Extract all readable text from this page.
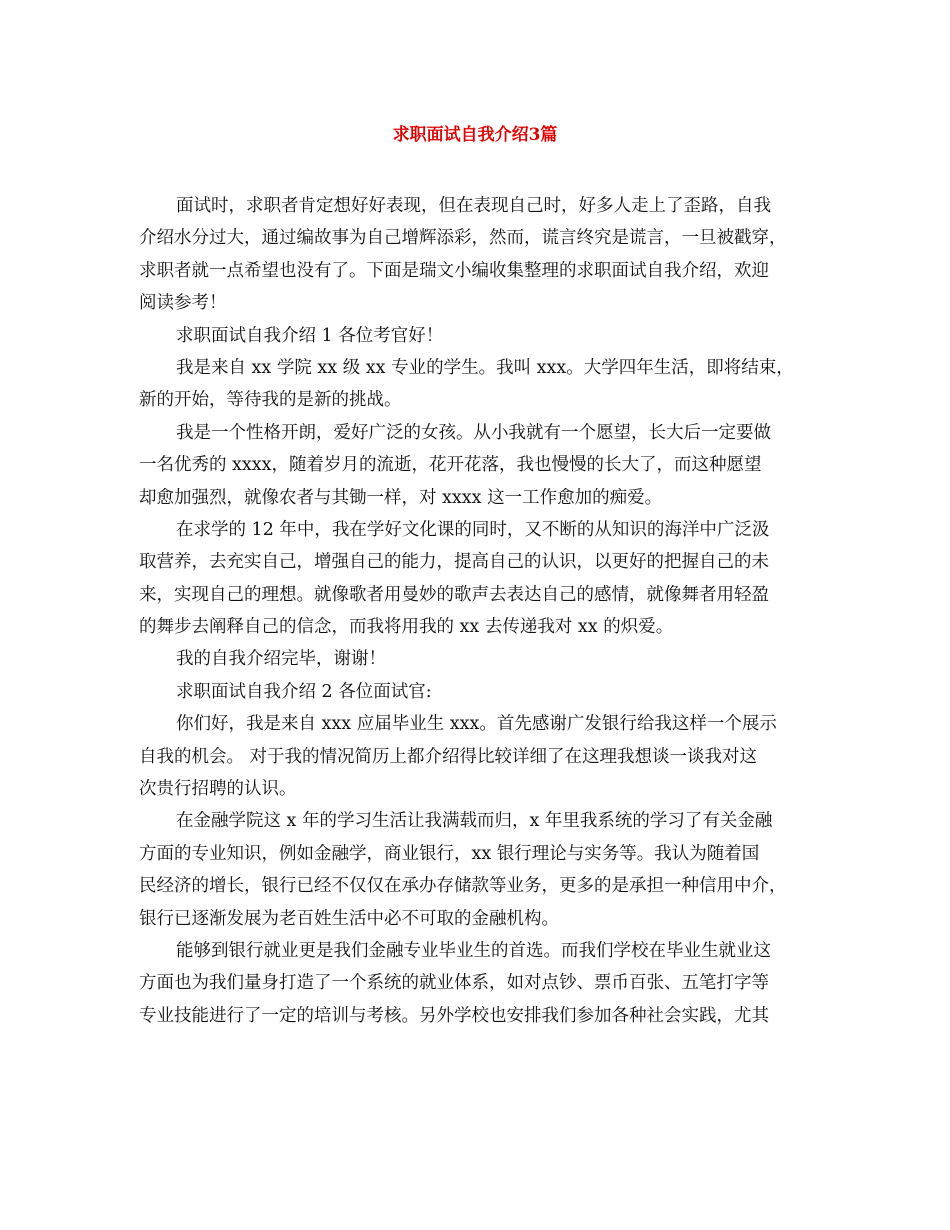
求职面试自我介绍3篇
面试时，求职者肯定想好好表现，但在表现自己时，好多人走上了歪路，自我
介绍水分过大，通过编故事为自己增辉添彩，然而，谎言终究是谎言，一旦被戳穿，
求职者就一点希望也没有了。下面是瑞文小编收集整理的求职面试自我介绍，欢迎
阅读参考！
求职面试自我介绍 1 各位考官好！
我是来自 xx 学院 xx 级 xx 专业的学生。我叫 xxx。大学四年生活，即将结束，
新的开始，等待我的是新的挑战。
我是一个性格开朗，爱好广泛的女孩。从小我就有一个愿望，长大后一定要做
一名优秀的 xxxx，随着岁月的流逝，花开花落，我也慢慢的长大了，而这种愿望
却愈加强烈，就像农者与其锄一样，对 xxxx 这一工作愈加的痴爱。
在求学的 12 年中，我在学好文化课的同时，又不断的从知识的海洋中广泛汲
取营养，去充实自己，增强自己的能力，提高自己的认识，以更好的把握自己的未
来，实现自己的理想。就像歌者用曼妙的歌声去表达自己的感情，就像舞者用轻盈
的舞步去阐释自己的信念，而我将用我的 xx 去传递我对 xx 的炽爱。
我的自我介绍完毕，谢谢！
求职面试自我介绍 2 各位面试官:
你们好，我是来自 xxx 应届毕业生 xxx。首先感谢广发银行给我这样一个展示
自我的机会。 对于我的情况简历上都介绍得比较详细了在这理我想谈一谈我对这
次贵行招聘的认识。
在金融学院这 x 年的学习生活让我满载而归，x 年里我系统的学习了有关金融
方面的专业知识，例如金融学，商业银行，xx 银行理论与实务等。我认为随着国
民经济的增长，银行已经不仅仅在承办存储款等业务，更多的是承担一种信用中介，
银行已逐渐发展为老百姓生活中必不可取的金融机构。
能够到银行就业更是我们金融专业毕业生的首选。而我们学校在毕业生就业这
方面也为我们量身打造了一个系统的就业体系，如对点钞、票币百张、五笔打字等
专业技能进行了一定的培训与考核。另外学校也安排我们参加各种社会实践，尤其
